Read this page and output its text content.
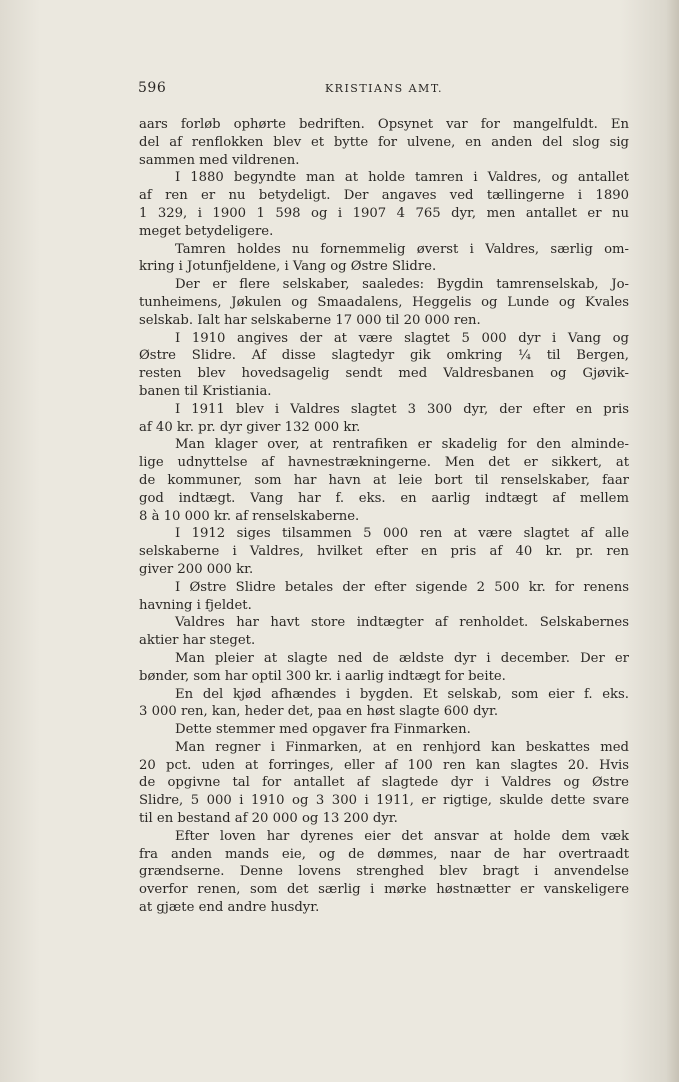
596	KRISTIANS AMT.
aars forløb ophørte bedriften. Opsynet var for mangelfuldt. En
del af renflokken blev et bytte for ulvene, en anden del slog sig
sammen med vildrenen.
I 1880 begyndte man at holde tamren i Valdres, og antallet
af ren er nu betydeligt. Der angaves ved tællingerne i 1890
1 329, i 1900 1 598 og i 1907 4 765 dyr, men antallet er nu
meget betydeligere.
Tamren holdes nu fornemmelig øverst i Valdres, særlig om-
kring i Jotunfjeldene, i Vang og Østre Slidre.
Der er flere selskaber, saaledes: Bygdin tamrenselskab, Jo-
tunheimens, Jøkulen og Smaadalens, Heggelis og Lunde og Kvales
selskab. Ialt har selskaberne 17 000 til 20 000 ren.
I 1910 angives der at være slagtet 5 000 dyr i Vang og
Østre Slidre. Af disse slagtedyr gik omkring ¼ til Bergen,
resten blev hovedsagelig sendt med Valdresbanen og Gjøvik-
banen til Kristiania.
I 1911 blev i Valdres slagtet 3 300 dyr, der efter en pris
af 40 kr. pr. dyr giver 132 000 kr.
Man klager over, at rentrafiken er skadelig for den alminde-
lige udnyttelse af havnestrækningerne. Men det er sikkert, at
de kommuner, som har havn at leie bort til renselskaber, faar
god indtægt. Vang har f. eks. en aarlig indtægt af mellem
8 à 10 000 kr. af renselskaberne.
I 1912 siges tilsammen 5 000 ren at være slagtet af alle
selskaberne i Valdres, hvilket efter en pris af 40 kr. pr. ren
giver 200 000 kr.
I Østre Slidre betales der efter sigende 2 500 kr. for renens
havning i fjeldet.
Valdres har havt store indtægter af renholdet. Selskabernes
aktier har steget.
Man pleier at slagte ned de ældste dyr i december. Der er
bønder, som har optil 300 kr. i aarlig indtægt for beite.
En del kjød afhændes i bygden. Et selskab, som eier f. eks.
3 000 ren, kan, heder det, paa en høst slagte 600 dyr.
Dette stemmer med opgaver fra Finmarken.
Man regner i Finmarken, at en renhjord kan beskattes med
20 pct. uden at forringes, eller af 100 ren kan slagtes 20. Hvis
de opgivne tal for antallet af slagtede dyr i Valdres og Østre
Slidre, 5 000 i 1910 og 3 300 i 1911, er rigtige, skulde dette svare
til en bestand af 20 000 og 13 200 dyr.
Efter loven har dyrenes eier det ansvar at holde dem væk
fra anden mands eie, og de dømmes, naar de har overtraadt
grændserne. Denne lovens strenghed blev bragt i anvendelse
overfor renen, som det særlig i mørke høstnætter er vanskeligere
at gjæte end andre husdyr.
